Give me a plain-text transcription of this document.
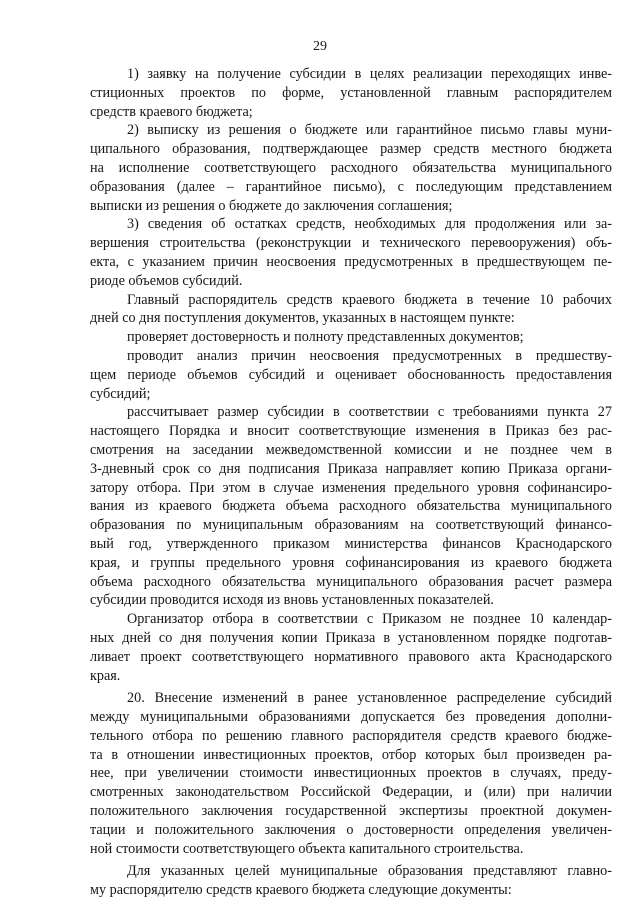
29

1) заявку на получение субсидии в целях реализации переходящих инве-
стиционных проектов по форме, установленной главным распорядителем
средств краевого бюджета;

2) выписку из решения о бюджете или гарантийное письмо главы муни-
ципального образования, подтверждающее размер средств местного бюджета
на исполнение соответствующего расходного обязательства муниципального
образования (далее – гарантийное письмо), с последующим представлением
выписки из решения о бюджете до заключения соглашения;

3) сведения об остатках средств, необходимых для продолжения или за-
вершения строительства (реконструкции и технического перевооружения) объ-
екта, с указанием причин неосвоения предусмотренных в предшествующем пе-
риоде объемов субсидий.

Главный распорядитель средств краевого бюджета в течение 10 рабочих
дней со дня поступления документов, указанных в настоящем пункте:

проверяет достоверность и полноту представленных документов;

проводит анализ причин неосвоения предусмотренных в предшеству-
щем периоде объемов субсидий и оценивает обоснованность предоставления
субсидий;

рассчитывает размер субсидии в соответствии с требованиями пункта 27
настоящего Порядка и вносит соответствующие изменения в Приказ без рас-
смотрения на заседании межведомственной комиссии и не позднее чем в
3-дневный срок со дня подписания Приказа направляет копию Приказа органи-
затору отбора. При этом в случае изменения предельного уровня софинансиро-
вания из краевого бюджета объема расходного обязательства муниципального
образования по муниципальным образованиям на соответствующий финансо-
вый год, утвержденного приказом министерства финансов Краснодарского
края, и группы предельного уровня софинансирования из краевого бюджета
объема расходного обязательства муниципального образования расчет размера
субсидии проводится исходя из вновь установленных показателей.

Организатор отбора в соответствии с Приказом не позднее 10 календар-
ных дней со дня получения копии Приказа в установленном порядке подготав-
ливает проект соответствующего нормативного правового акта Краснодарского
края.

20. Внесение изменений в ранее установленное распределение субсидий
между муниципальными образованиями допускается без проведения дополни-
тельного отбора по решению главного распорядителя средств краевого бюдже-
та в отношении инвестиционных проектов, отбор которых был произведен ра-
нее, при увеличении стоимости инвестиционных проектов в случаях, преду-
смотренных законодательством Российской Федерации, и (или) при наличии
положительного заключения государственной экспертизы проектной докумен-
тации и положительного заключения о достоверности определения увеличен-
ной стоимости соответствующего объекта капитального строительства.

Для указанных целей муниципальные образования представляют главно-
му распорядителю средств краевого бюджета следующие документы:
